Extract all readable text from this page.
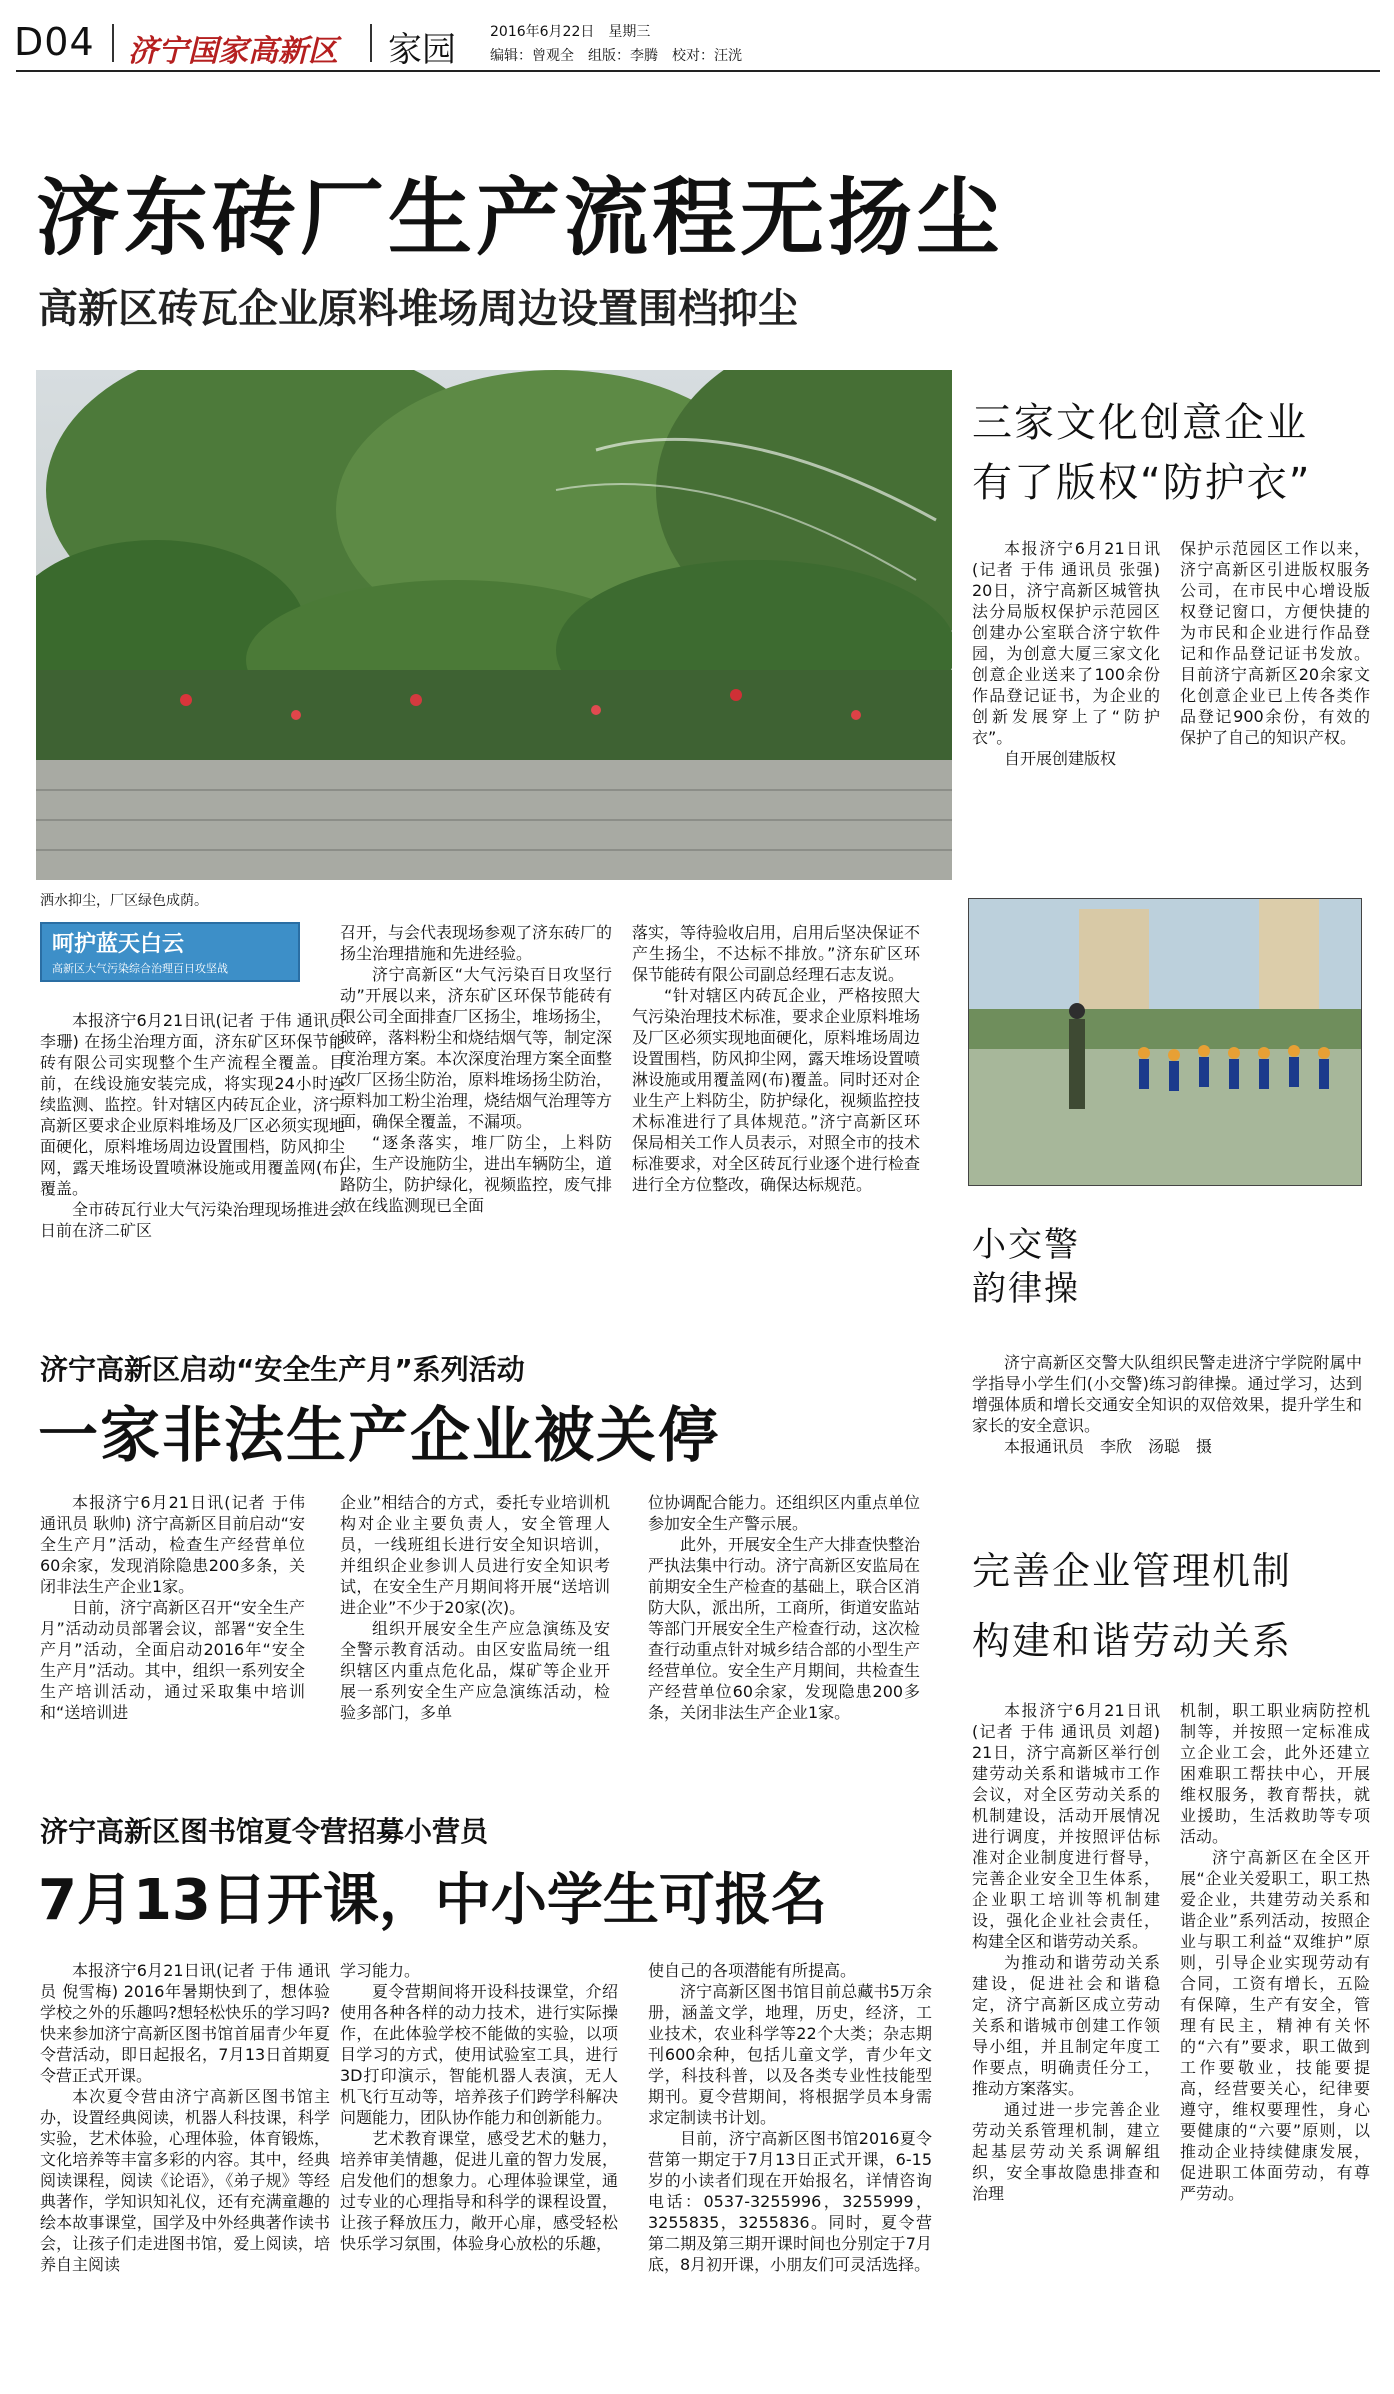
D04 济宁国家高新区 家园 2016年6月22日　星期三
编辑：曾观全　组版：李腾　校对：汪洸
济东砖厂生产流程无扬尘
高新区砖瓦企业原料堆场周边设置围档抑尘
洒水抑尘，厂区绿色成荫。
呵护蓝天白云
高新区大气污染综合治理百日攻坚战

本报济宁6月21日讯(记者 于伟 通讯员 李珊) 在扬尘治理方面，济东矿区环保节能砖有限公司实现整个生产流程全覆盖。目前，在线设施安装完成，将实现24小时连续监测、监控。针对辖区内砖瓦企业，济宁高新区要求企业原料堆场及厂区必须实现地面硬化，原料堆场周边设置围档，防风抑尘网，露天堆场设置喷淋设施或用覆盖网(布)覆盖。

全市砖瓦行业大气污染治理现场推进会日前在济二矿区

召开，与会代表现场参观了济东砖厂的扬尘治理措施和先进经验。

济宁高新区“大气污染百日攻坚行动”开展以来，济东矿区环保节能砖有限公司全面排查厂区扬尘，堆场扬尘，破碎，落料粉尘和烧结烟气等，制定深度治理方案。本次深度治理方案全面整改厂区扬尘防治，原料堆场扬尘防治，原料加工粉尘治理，烧结烟气治理等方面，确保全覆盖，不漏项。

“逐条落实，堆厂防尘，上料防尘，生产设施防尘，进出车辆防尘，道路防尘，防护绿化，视频监控，废气排放在线监测现已全面

落实，等待验收启用，启用后坚决保证不产生扬尘，不达标不排放。”济东矿区环保节能砖有限公司副总经理石志友说。

“针对辖区内砖瓦企业，严格按照大气污染治理技术标准，要求企业原料堆场及厂区必须实现地面硬化，原料堆场周边设置围档，防风抑尘网，露天堆场设置喷淋设施或用覆盖网(布)覆盖。同时还对企业生产上料防尘，防护绿化，视频监控技术标准进行了具体规范。”济宁高新区环保局相关工作人员表示，对照全市的技术标准要求，对全区砖瓦行业逐个进行检查进行全方位整改，确保达标规范。

三家文化创意企业
有了版权“防护衣”

本报济宁6月21日讯(记者 于伟 通讯员 张强) 20日，济宁高新区城管执法分局版权保护示范园区创建办公室联合济宁软件园，为创意大厦三家文化创意企业送来了100余份作品登记证书，为企业的创新发展穿上了“防护衣”。

自开展创建版权

保护示范园区工作以来，济宁高新区引进版权服务公司，在市民中心增设版权登记窗口，方便快捷的为市民和企业进行作品登记和作品登记证书发放。目前济宁高新区20余家文化创意企业已上传各类作品登记900余份，有效的保护了自己的知识产权。

小交警
韵律操

济宁高新区交警大队组织民警走进济宁学院附属中学指导小学生们(小交警)练习韵律操。通过学习，达到增强体质和增长交通安全知识的双倍效果，提升学生和家长的安全意识。

本报通讯员　李欣　汤聪　摄

济宁高新区启动“安全生产月”系列活动
一家非法生产企业被关停

本报济宁6月21日讯(记者 于伟 通讯员 耿帅) 济宁高新区目前启动“安全生产月”活动，检查生产经营单位60余家，发现消除隐患200多条，关闭非法生产企业1家。

日前，济宁高新区召开“安全生产月”活动动员部署会议，部署“安全生产月”活动，全面启动2016年“安全生产月”活动。其中，组织一系列安全生产培训活动，通过采取集中培训和“送培训进

企业”相结合的方式，委托专业培训机构对企业主要负责人，安全管理人员，一线班组长进行安全知识培训，并组织企业参训人员进行安全知识考试，在安全生产月期间将开展“送培训进企业”不少于20家(次)。

组织开展安全生产应急演练及安全警示教育活动。由区安监局统一组织辖区内重点危化品，煤矿等企业开展一系列安全生产应急演练活动，检验多部门，多单

位协调配合能力。还组织区内重点单位参加安全生产警示展。

此外，开展安全生产大排查快整治严执法集中行动。济宁高新区安监局在前期安全生产检查的基础上，联合区消防大队，派出所，工商所，街道安监站等部门开展安全生产检查行动，这次检查行动重点针对城乡结合部的小型生产经营单位。安全生产月期间，共检查生产经营单位60余家，发现隐患200多条，关闭非法生产企业1家。

济宁高新区图书馆夏令营招募小营员
7月13日开课，中小学生可报名

本报济宁6月21日讯(记者 于伟 通讯员 倪雪梅) 2016年暑期快到了，想体验学校之外的乐趣吗?想轻松快乐的学习吗?快来参加济宁高新区图书馆首届青少年夏令营活动，即日起报名，7月13日首期夏令营正式开课。

本次夏令营由济宁高新区图书馆主办，设置经典阅读，机器人科技课，科学实验，艺术体验，心理体验，体育锻炼，文化培养等丰富多彩的内容。其中，经典阅读课程，阅读《论语》，《弟子规》等经典著作，学知识知礼仪，还有充满童趣的绘本故事课堂，国学及中外经典著作读书会，让孩子们走进图书馆，爱上阅读，培养自主阅读

学习能力。

夏令营期间将开设科技课堂，介绍使用各种各样的动力技术，进行实际操作，在此体验学校不能做的实验，以项目学习的方式，使用试验室工具，进行3D打印演示，智能机器人表演，无人机飞行互动等，培养孩子们跨学科解决问题能力，团队协作能力和创新能力。

艺术教育课堂，感受艺术的魅力，培养审美情趣，促进儿童的智力发展，启发他们的想象力。心理体验课堂，通过专业的心理指导和科学的课程设置，让孩子释放压力，敞开心扉，感受轻松快乐学习氛围，体验身心放松的乐趣，

使自己的各项潜能有所提高。

济宁高新区图书馆目前总藏书5万余册，涵盖文学，地理，历史，经济，工业技术，农业科学等22个大类；杂志期刊600余种，包括儿童文学，青少年文学，科技科普，以及各类专业性技能型期刊。夏令营期间，将根据学员本身需求定制读书计划。

目前，济宁高新区图书馆2016夏令营第一期定于7月13日正式开课，6-15岁的小读者们现在开始报名，详情咨询电话：0537-3255996，3255999，3255835，3255836。同时，夏令营第二期及第三期开课时间也分别定于7月底，8月初开课，小朋友们可灵活选择。

完善企业管理机制
构建和谐劳动关系

本报济宁6月21日讯(记者 于伟 通讯员 刘超) 21日，济宁高新区举行创建劳动关系和谐城市工作会议，对全区劳动关系的机制建设，活动开展情况进行调度，并按照评估标准对企业制度进行督导，完善企业安全卫生体系，企业职工培训等机制建设，强化企业社会责任，构建全区和谐劳动关系。

为推动和谐劳动关系建设，促进社会和谐稳定，济宁高新区成立劳动关系和谐城市创建工作领导小组，并且制定年度工作要点，明确责任分工，推动方案落实。

通过进一步完善企业劳动关系管理机制，建立起基层劳动关系调解组织，安全事故隐患排查和治理

机制，职工职业病防控机制等，并按照一定标准成立企业工会，此外还建立困难职工帮扶中心，开展维权服务，教育帮扶，就业援助，生活救助等专项活动。

济宁高新区在全区开展“企业关爱职工，职工热爱企业，共建劳动关系和谐企业”系列活动，按照企业与职工利益“双维护”原则，引导企业实现劳动有合同，工资有增长，五险有保障，生产有安全，管理有民主，精神有关怀的“六有”要求，职工做到工作要敬业，技能要提高，经营要关心，纪律要遵守，维权要理性，身心要健康的“六要”原则，以推动企业持续健康发展，促进职工体面劳动，有尊严劳动。
